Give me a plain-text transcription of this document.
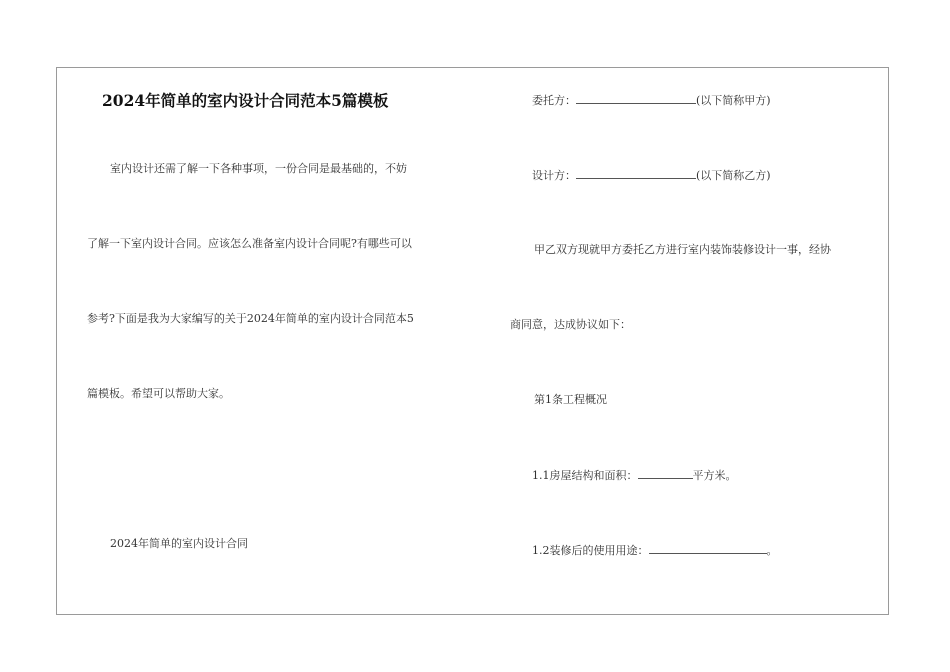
2024年简单的室内设计合同范本5篇模板
室内设计还需了解一下各种事项，一份合同是最基础的，不妨
了解一下室内设计合同。应该怎么准备室内设计合同呢?有哪些可以
参考?下面是我为大家编写的关于2024年简单的室内设计合同范本5
篇模板。希望可以帮助大家。
2024年简单的室内设计合同
委托方：	(以下简称甲方)
设计方：	(以下简称乙方)
甲乙双方现就甲方委托乙方进行室内装饰装修设计一事，经协
商同意，达成协议如下：
第1条工程概况
1.1房屋结构和面积：	平方米。
1.2装修后的使用用途：	。
